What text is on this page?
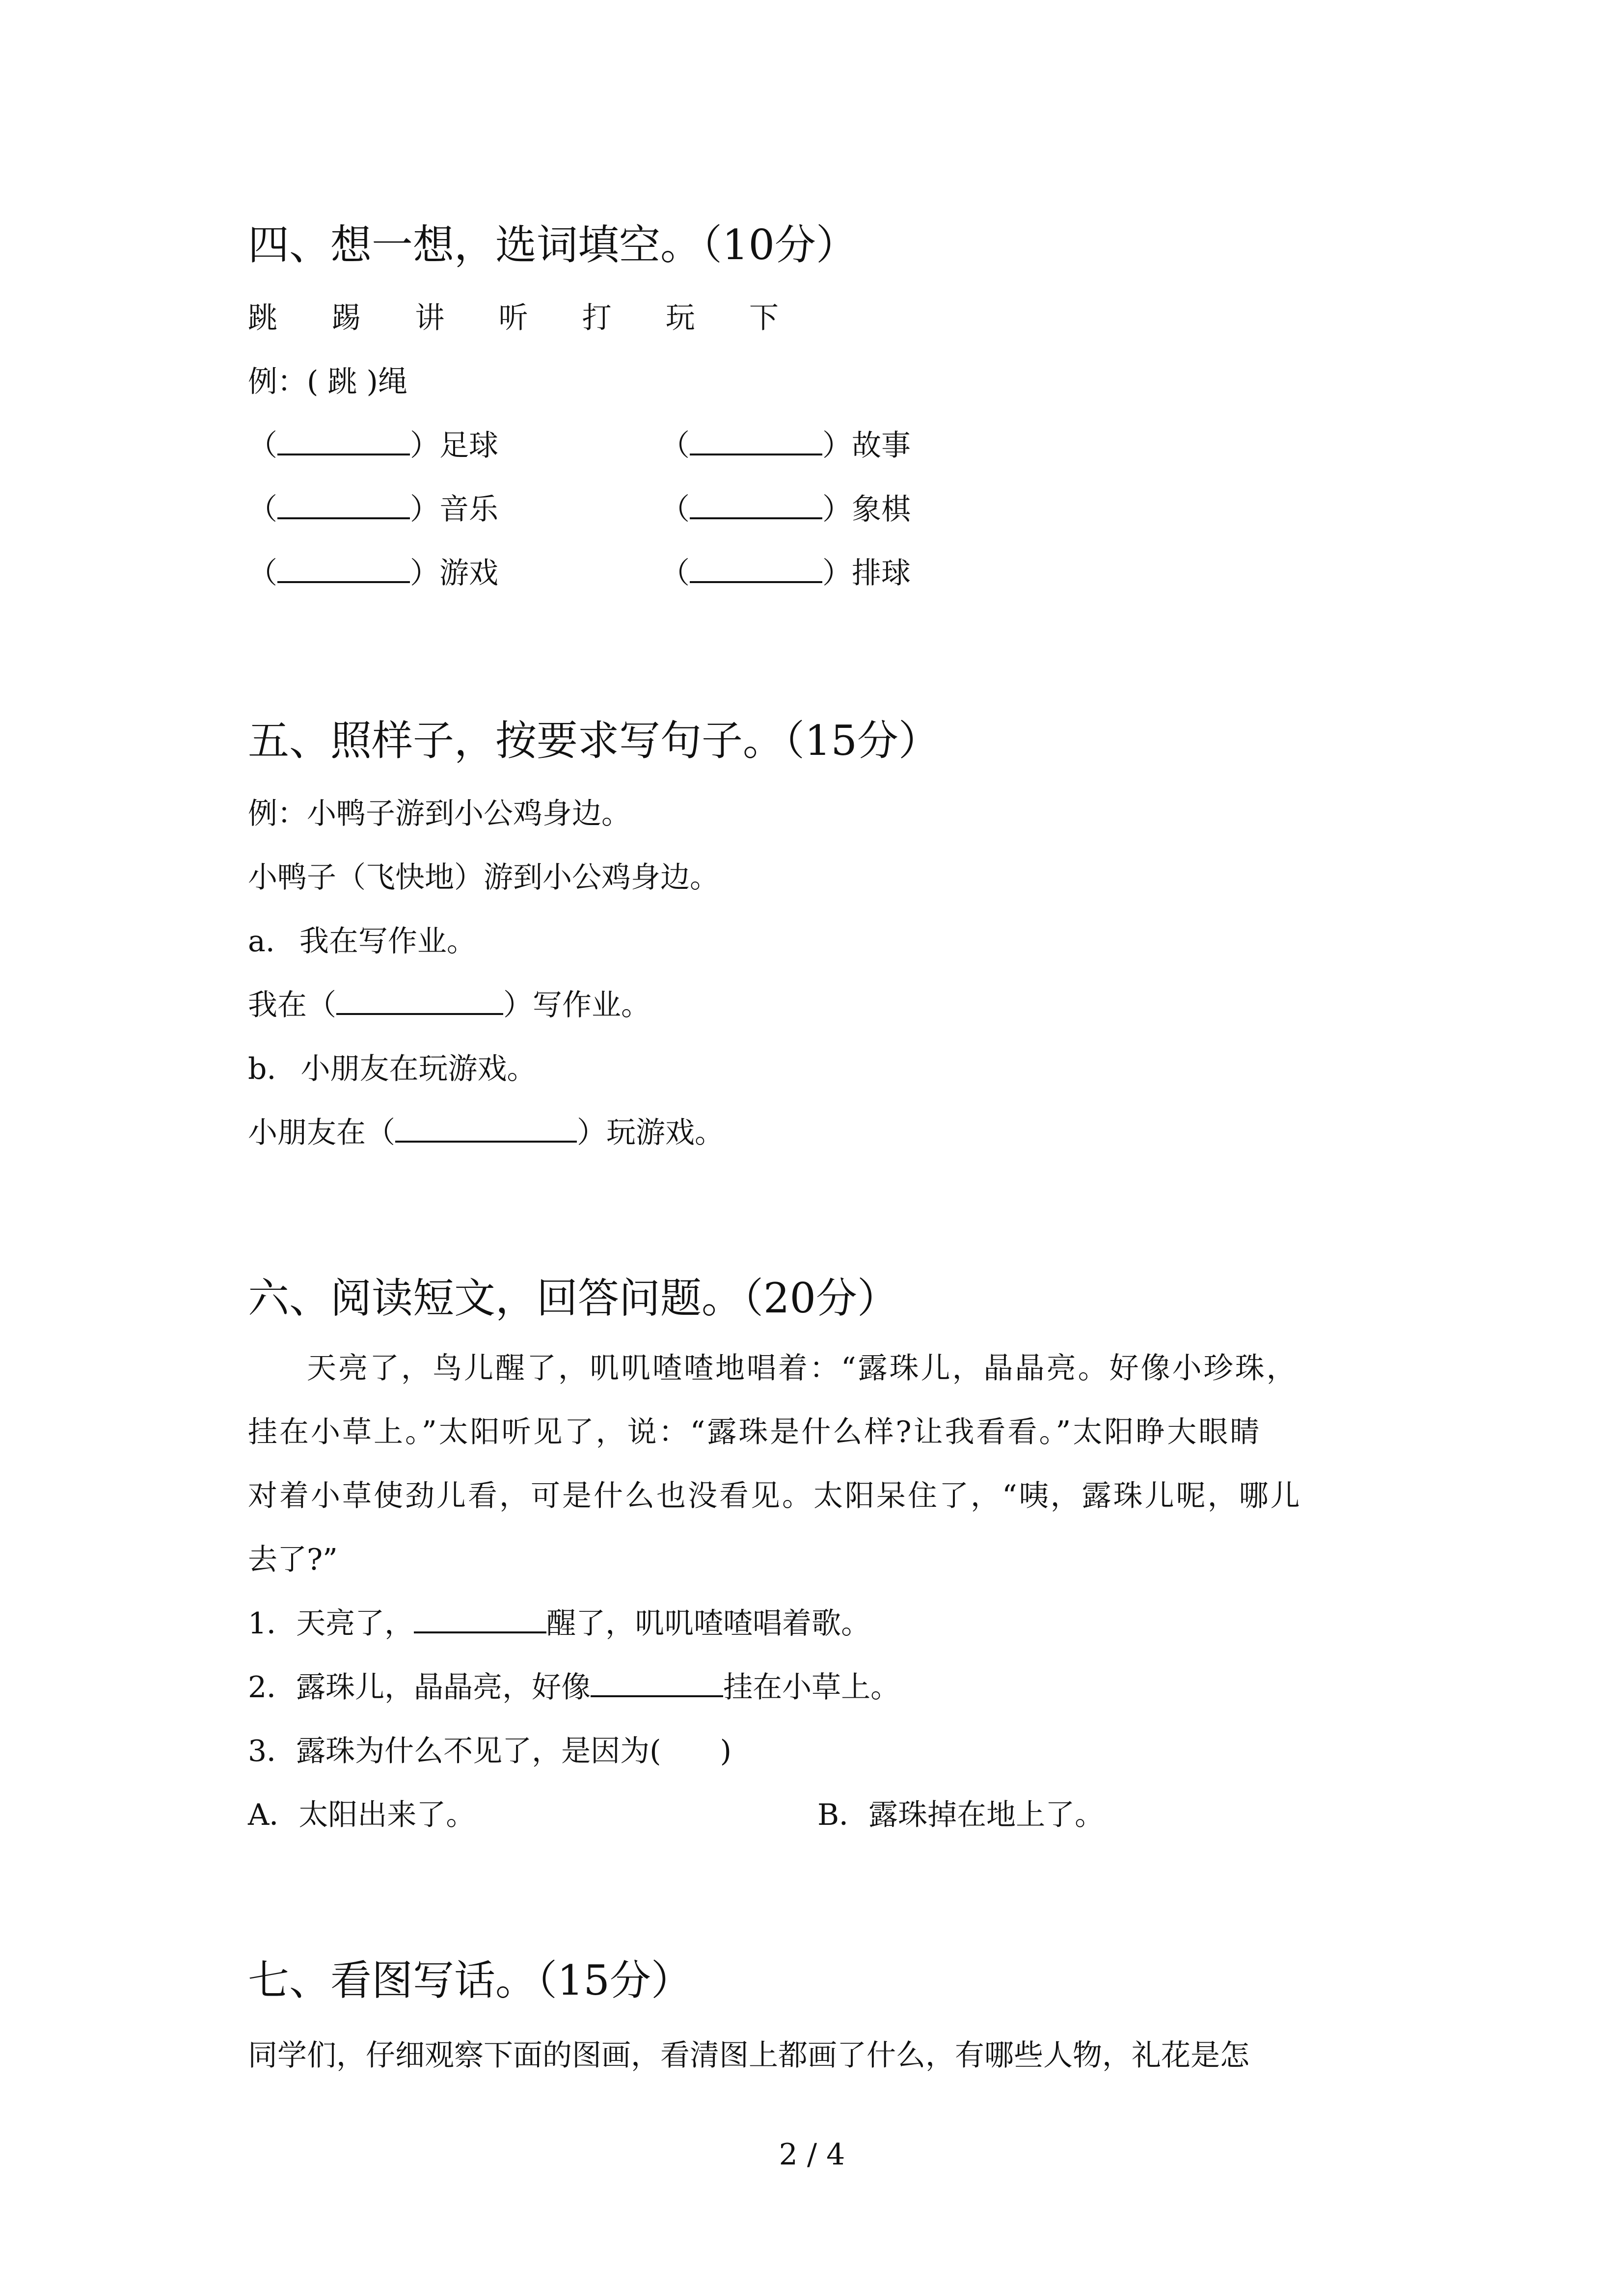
四、想一想，选词填空。（10分）
跳 踢 讲 听 打 玩 下
例：( 跳 )绳
（	）足球	（	）故事
（	）音乐	（	）象棋
（	）游戏	（	）排球
五、照样子，按要求写句子。（15分）
例：小鸭子游到小公鸡身边。
小鸭子（飞快地）游到小公鸡身边。
a. 我在写作业。
我在（	）写作业。
b. 小朋友在玩游戏。
小朋友在（	）玩游戏。
六、阅读短文，回答问题。（20分）
天亮了，鸟儿醒了，叽叽喳喳地唱着：“露珠儿，晶晶亮。好像小珍珠，
挂在小草上。”太阳听见了，说：“露珠是什么样?让我看看。”太阳睁大眼睛
对着小草使劲儿看，可是什么也没看见。太阳呆住了，“咦，露珠儿呢，哪儿
去了?”
1．天亮了，	醒了，叽叽喳喳唱着歌。
2．露珠儿，晶晶亮，好像	挂在小草上。
3．露珠为什么不见了，是因为(　　)
A．太阳出来了。	B．露珠掉在地上了。
七、看图写话。（15分）
同学们，仔细观察下面的图画，看清图上都画了什么，有哪些人物，礼花是怎
2 / 4
